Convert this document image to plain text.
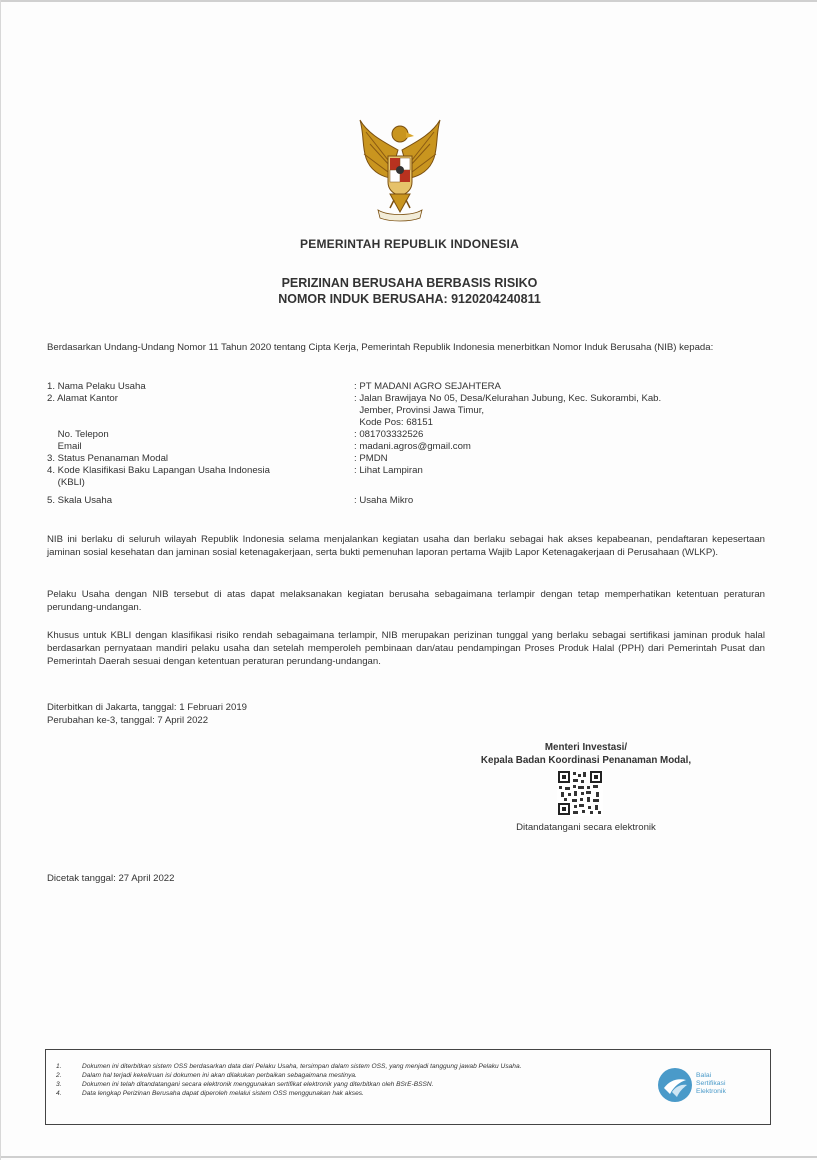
PEMERINTAH REPUBLIK INDONESIA
PERIZINAN BERUSAHA BERBASIS RISIKO
NOMOR INDUK BERUSAHA: 9120204240811
Berdasarkan Undang-Undang Nomor 11 Tahun 2020 tentang Cipta Kerja, Pemerintah Republik Indonesia menerbitkan Nomor Induk Berusaha (NIB) kepada:
1. Nama Pelaku Usaha	: PT MADANI AGRO SEJAHTERA
2. Alamat Kantor	: Jalan Brawijaya No 05, Desa/Kelurahan Jubung, Kec. Sukorambi, Kab.
Jember, Provinsi Jawa Timur,
Kode Pos: 68151
No. Telepon	: 081703332526
Email	: madani.agros@gmail.com
3. Status Penanaman Modal	: PMDN
4. Kode Klasifikasi Baku Lapangan Usaha Indonesia	: Lihat Lampiran
(KBLI)
5. Skala Usaha	: Usaha Mikro
NIB ini berlaku di seluruh wilayah Republik Indonesia selama menjalankan kegiatan usaha dan berlaku sebagai hak akses kepabeanan, pendaftaran kepesertaan jaminan sosial kesehatan dan jaminan sosial ketenagakerjaan, serta bukti pemenuhan laporan pertama Wajib Lapor Ketenagakerjaan di Perusahaan (WLKP).
Pelaku Usaha dengan NIB tersebut di atas dapat melaksanakan kegiatan berusaha sebagaimana terlampir dengan tetap memperhatikan ketentuan peraturan perundang-undangan.
Khusus untuk KBLI dengan klasifikasi risiko rendah sebagaimana terlampir, NIB merupakan perizinan tunggal yang berlaku sebagai sertifikasi jaminan produk halal berdasarkan pernyataan mandiri pelaku usaha dan setelah memperoleh pembinaan dan/atau pendampingan Proses Produk Halal (PPH) dari Pemerintah Pusat dan Pemerintah Daerah sesuai dengan ketentuan peraturan perundang-undangan.
Diterbitkan di Jakarta, tanggal: 1 Februari 2019
Perubahan ke-3, tanggal: 7 April 2022
Menteri Investasi/
Kepala Badan Koordinasi Penanaman Modal,
Ditandatangani secara elektronik
Dicetak tanggal: 27 April 2022
1.	Dokumen ini diterbitkan sistem OSS berdasarkan data dari Pelaku Usaha, tersimpan dalam sistem OSS, yang menjadi tanggung jawab Pelaku Usaha.
2.	Dalam hal terjadi kekeliruan isi dokumen ini akan dilakukan perbaikan sebagaimana mestinya.
3.	Dokumen ini telah ditandatangani secara elektronik menggunakan sertifikat elektronik yang diterbitkan oleh BSrE-BSSN.
4.	Data lengkap Perizinan Berusaha dapat diperoleh melalui sistem OSS menggunakan hak akses.
Balai
Sertifikasi
Elektronik
